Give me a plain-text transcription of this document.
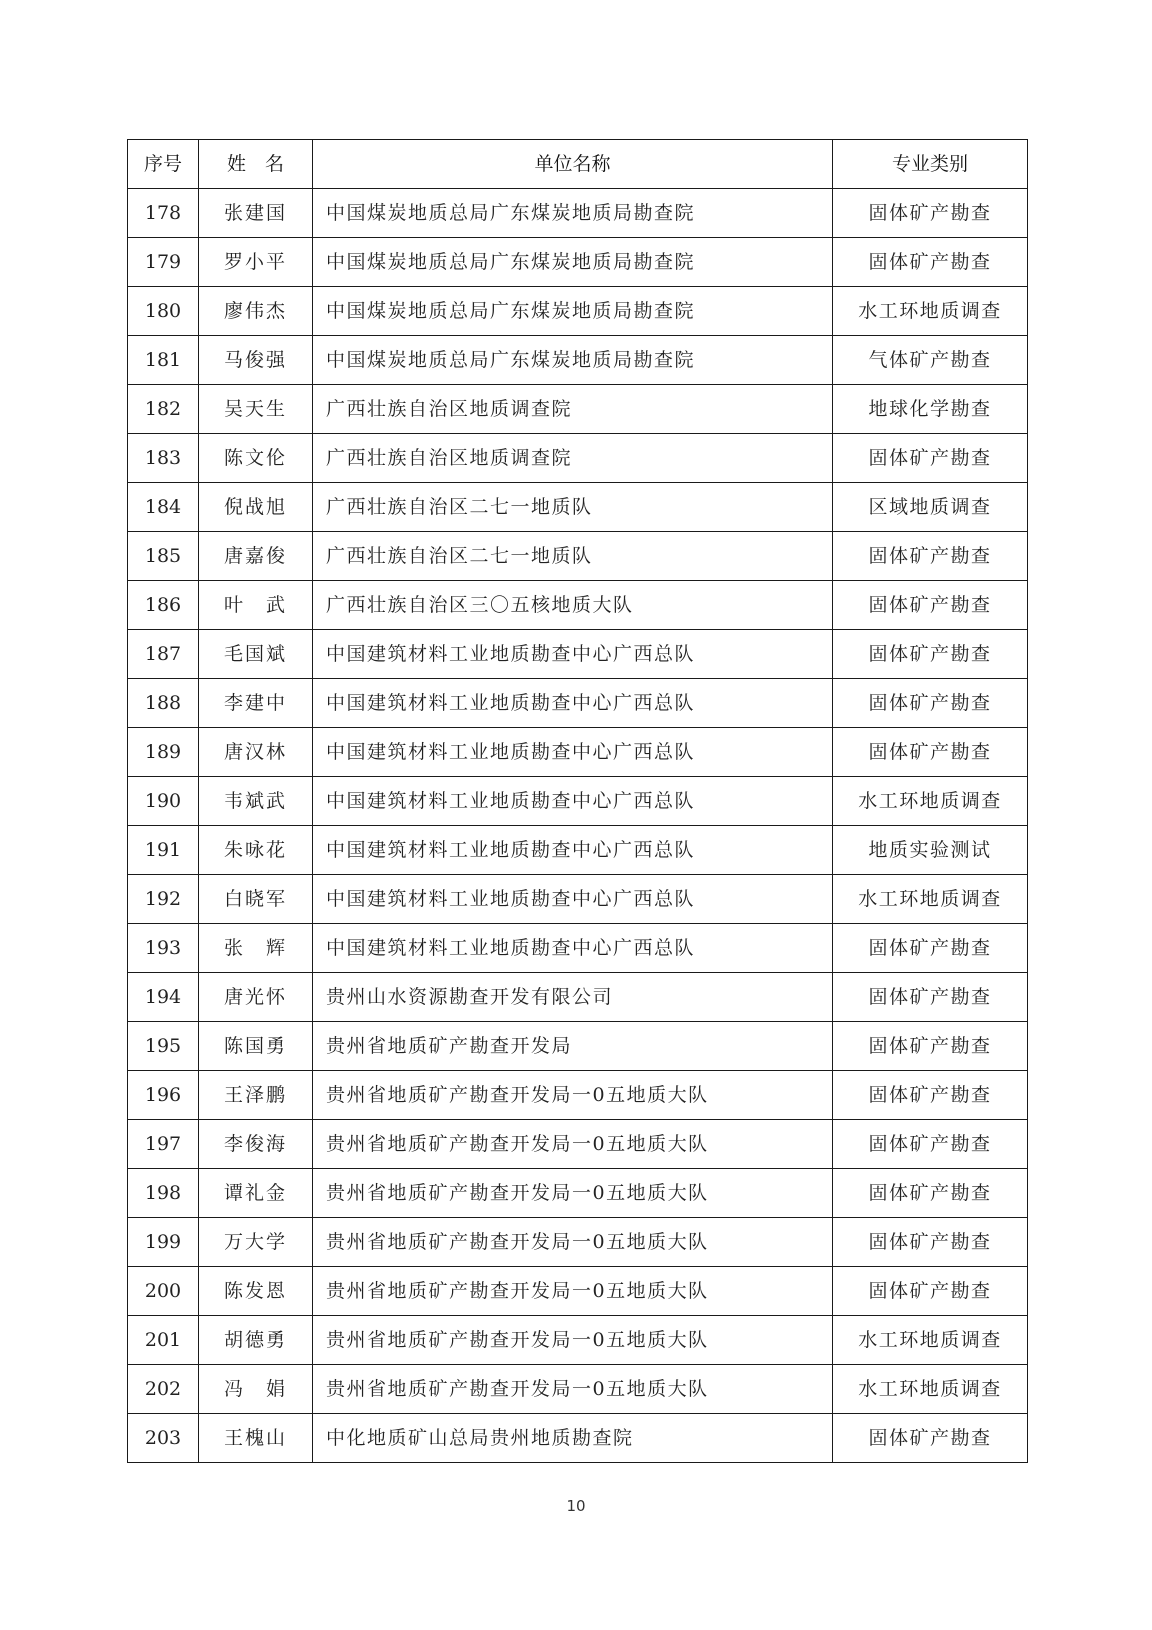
序号	姓　名	单位名称	专业类别
178	张建国	中国煤炭地质总局广东煤炭地质局勘查院	固体矿产勘查
179	罗小平	中国煤炭地质总局广东煤炭地质局勘查院	固体矿产勘查
180	廖伟杰	中国煤炭地质总局广东煤炭地质局勘查院	水工环地质调查
181	马俊强	中国煤炭地质总局广东煤炭地质局勘查院	气体矿产勘查
182	吴天生	广西壮族自治区地质调查院	地球化学勘查
183	陈文伦	广西壮族自治区地质调查院	固体矿产勘查
184	倪战旭	广西壮族自治区二七一地质队	区域地质调查
185	唐嘉俊	广西壮族自治区二七一地质队	固体矿产勘查
186	叶　武	广西壮族自治区三〇五核地质大队	固体矿产勘查
187	毛国斌	中国建筑材料工业地质勘查中心广西总队	固体矿产勘查
188	李建中	中国建筑材料工业地质勘查中心广西总队	固体矿产勘查
189	唐汉林	中国建筑材料工业地质勘查中心广西总队	固体矿产勘查
190	韦斌武	中国建筑材料工业地质勘查中心广西总队	水工环地质调查
191	朱咏花	中国建筑材料工业地质勘查中心广西总队	地质实验测试
192	白晓军	中国建筑材料工业地质勘查中心广西总队	水工环地质调查
193	张　辉	中国建筑材料工业地质勘查中心广西总队	固体矿产勘查
194	唐光怀	贵州山水资源勘查开发有限公司	固体矿产勘查
195	陈国勇	贵州省地质矿产勘查开发局	固体矿产勘查
196	王泽鹏	贵州省地质矿产勘查开发局一0五地质大队	固体矿产勘查
197	李俊海	贵州省地质矿产勘查开发局一0五地质大队	固体矿产勘查
198	谭礼金	贵州省地质矿产勘查开发局一0五地质大队	固体矿产勘查
199	万大学	贵州省地质矿产勘查开发局一0五地质大队	固体矿产勘查
200	陈发恩	贵州省地质矿产勘查开发局一0五地质大队	固体矿产勘查
201	胡德勇	贵州省地质矿产勘查开发局一0五地质大队	水工环地质调查
202	冯　娟	贵州省地质矿产勘查开发局一0五地质大队	水工环地质调查
203	王槐山	中化地质矿山总局贵州地质勘查院	固体矿产勘查
10
